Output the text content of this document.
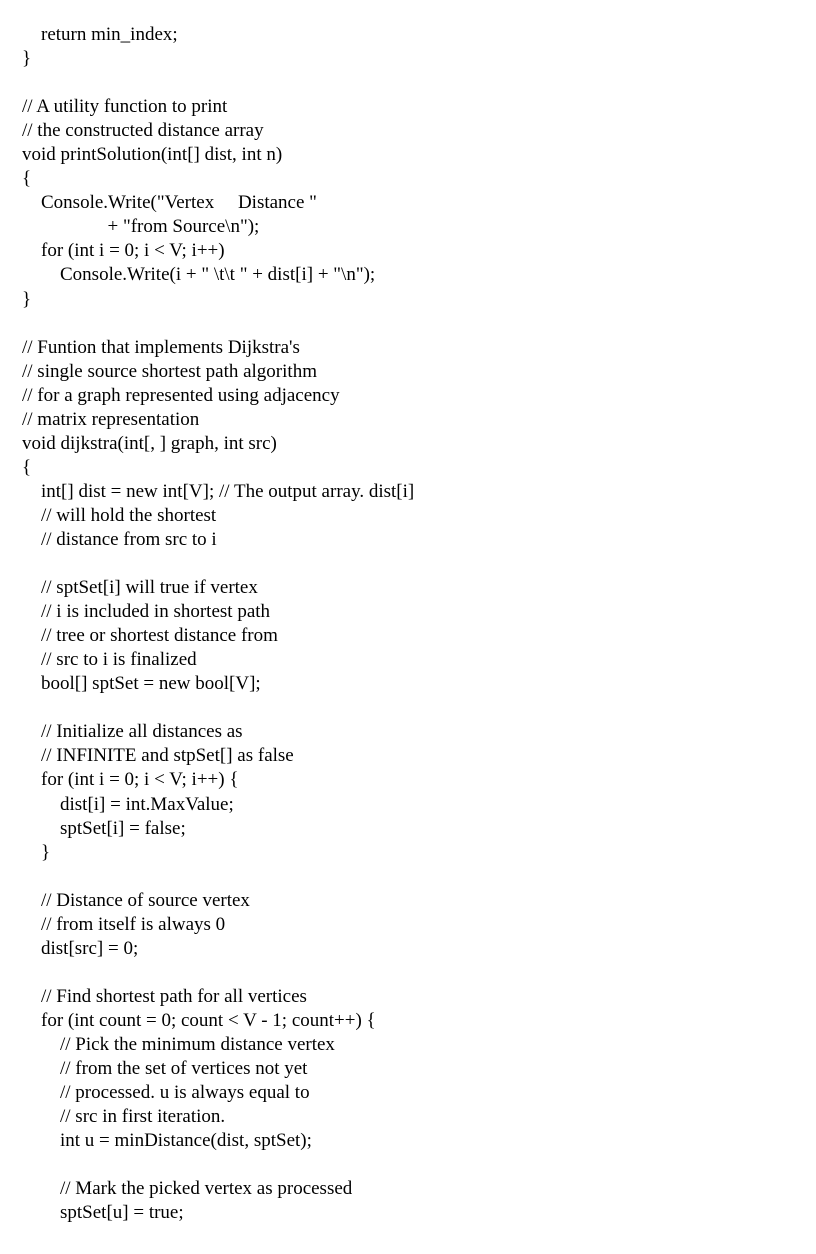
return min_index;
}
// A utility function to print
// the constructed distance array
void printSolution(int[] dist, int n)
{
Console.Write("Vertex     Distance "
+ "from Source\n");
for (int i = 0; i < V; i++)
Console.Write(i + " \t\t " + dist[i] + "\n");
}
// Funtion that implements Dijkstra's
// single source shortest path algorithm
// for a graph represented using adjacency
// matrix representation
void dijkstra(int[, ] graph, int src)
{
int[] dist = new int[V]; // The output array. dist[i]
// will hold the shortest
// distance from src to i
// sptSet[i] will true if vertex
// i is included in shortest path
// tree or shortest distance from
// src to i is finalized
bool[] sptSet = new bool[V];
// Initialize all distances as
// INFINITE and stpSet[] as false
for (int i = 0; i < V; i++) {
dist[i] = int.MaxValue;
sptSet[i] = false;
}
// Distance of source vertex
// from itself is always 0
dist[src] = 0;
// Find shortest path for all vertices
for (int count = 0; count < V - 1; count++) {
// Pick the minimum distance vertex
// from the set of vertices not yet
// processed. u is always equal to
// src in first iteration.
int u = minDistance(dist, sptSet);
// Mark the picked vertex as processed
sptSet[u] = true;
